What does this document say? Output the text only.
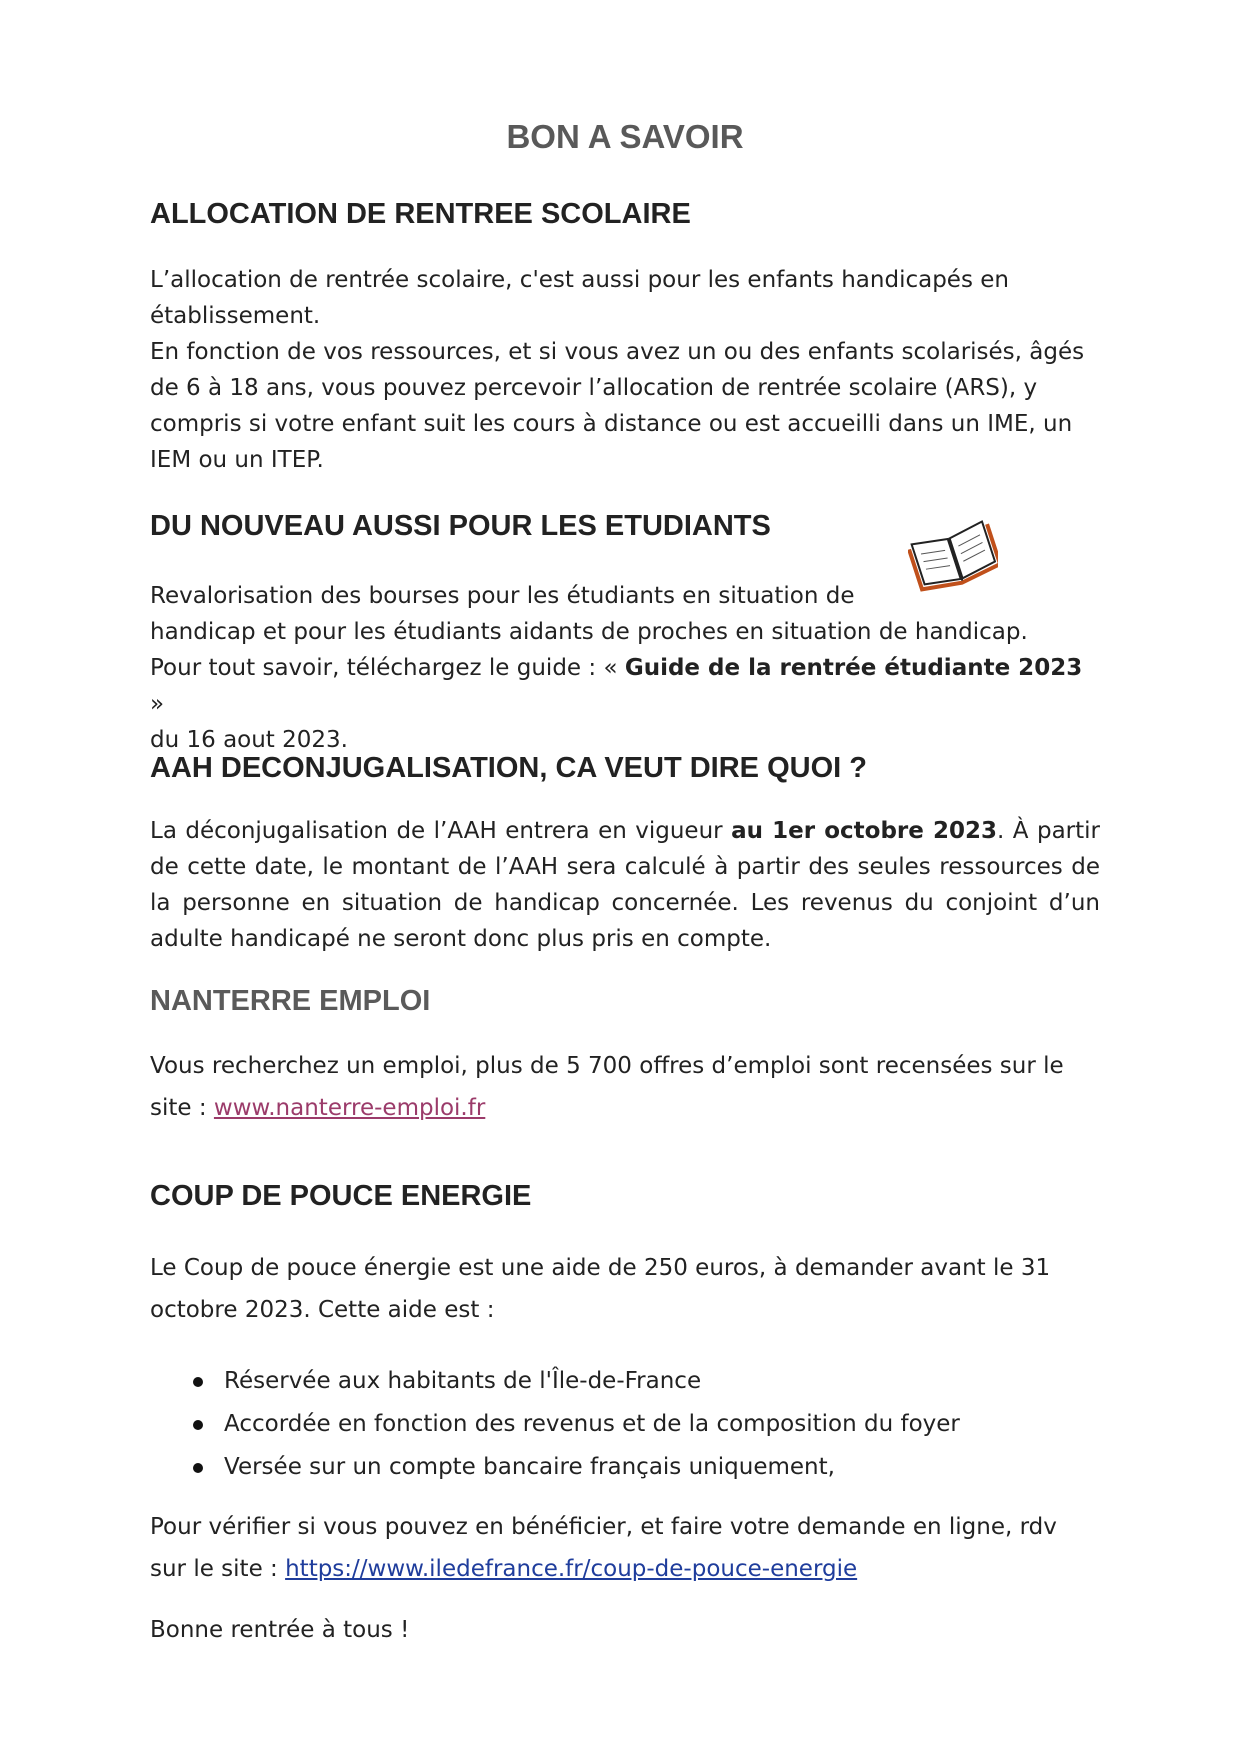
BON A SAVOIR
ALLOCATION DE RENTREE SCOLAIRE
L’allocation de rentrée scolaire, c'est aussi pour les enfants handicapés en
établissement.
En fonction de vos ressources, et si vous avez un ou des enfants scolarisés, âgés
de 6 à 18 ans, vous pouvez percevoir l’allocation de rentrée scolaire (ARS), y
compris si votre enfant suit les cours à distance ou est accueilli dans un IME, un
IEM ou un ITEP.
DU NOUVEAU AUSSI POUR LES ETUDIANTS
Revalorisation des bourses pour les étudiants en situation de
handicap et pour les étudiants aidants de proches en situation de handicap.
Pour tout savoir, téléchargez le guide : « Guide de la rentrée étudiante 2023 »
du 16 aout 2023.
AAH DECONJUGALISATION, CA VEUT DIRE QUOI ?
La déconjugalisation de l’AAH entrera en vigueur au 1er octobre 2023. À partir de cette date, le montant de l’AAH sera calculé à partir des seules ressources de la personne en situation de handicap concernée. Les revenus du conjoint d’un adulte handicapé ne seront donc plus pris en compte.
NANTERRE EMPLOI
Vous recherchez un emploi, plus de 5 700 offres d’emploi sont recensées sur le
site : www.nanterre-emploi.fr
COUP DE POUCE ENERGIE
Le Coup de pouce énergie est une aide de 250 euros, à demander avant le 31
octobre 2023. Cette aide est :
Réservée aux habitants de l'Île-de-France
Accordée en fonction des revenus et de la composition du foyer
Versée sur un compte bancaire français uniquement,
Pour vérifier si vous pouvez en bénéficier, et faire votre demande en ligne, rdv
sur le site : https://www.iledefrance.fr/coup-de-pouce-energie
Bonne rentrée à tous !
